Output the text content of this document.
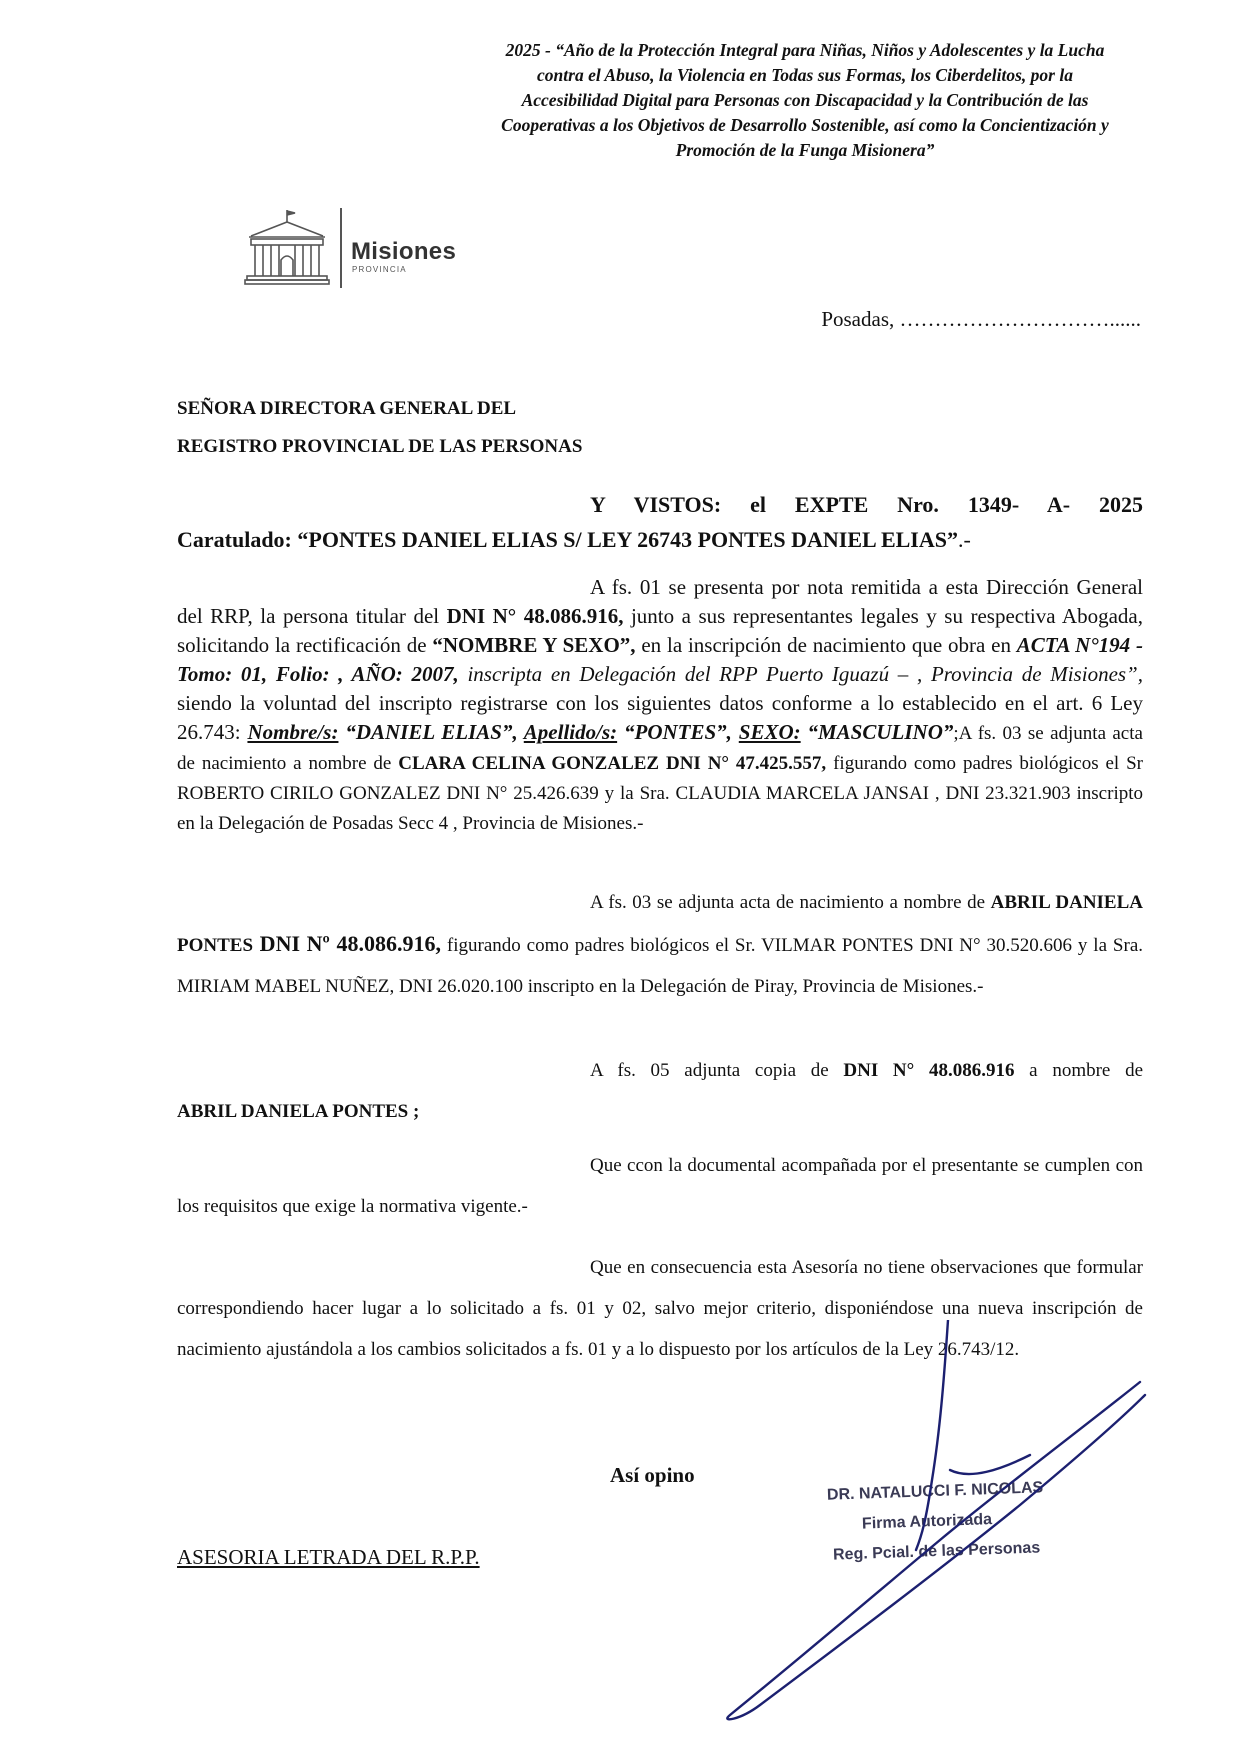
2025 - “Año de la Protección Integral para Niñas, Niños y Adolescentes y la Lucha
contra el Abuso, la Violencia en Todas sus Formas, los Ciberdelitos, por la
Accesibilidad Digital para Personas con Discapacidad y la Contribución de las
Cooperativas a los Objetivos de Desarrollo Sostenible, así como la Concientización y
Promoción de la Funga Misionera”
Misiones
PROVINCIA
Posadas, …………………………......
SEÑORA DIRECTORA GENERAL DEL
REGISTRO PROVINCIAL DE LAS PERSONAS
Y VISTOS: el EXPTE Nro. 1349- A- 2025
Caratulado: “PONTES DANIEL ELIAS S/ LEY 26743 PONTES DANIEL ELIAS”.-
A fs. 01 se presenta por nota remitida a esta Dirección General del RRP, la persona titular del DNI N° 48.086.916, junto a sus representantes legales y su respectiva Abogada, solicitando la rectificación de “NOMBRE Y SEXO”, en la inscripción de nacimiento que obra en ACTA N°194 - Tomo: 01, Folio: , AÑO: 2007, inscripta en Delegación del RPP Puerto Iguazú – , Provincia de Misiones”, siendo la voluntad del inscripto registrarse con los siguientes datos conforme a lo establecido en el art. 6 Ley 26.743: Nombre/s: “DANIEL ELIAS”, Apellido/s: “PONTES”, SEXO: “MASCULINO”;A fs. 03 se adjunta acta de nacimiento a nombre de CLARA CELINA GONZALEZ DNI N° 47.425.557, figurando como padres biológicos el Sr ROBERTO CIRILO GONZALEZ DNI N° 25.426.639 y la Sra. CLAUDIA MARCELA JANSAI , DNI 23.321.903 inscripto en la Delegación de Posadas Secc 4 , Provincia de Misiones.-
A fs. 03 se adjunta acta de nacimiento a nombre de ABRIL DANIELA PONTES DNI Nº 48.086.916, figurando como padres biológicos el Sr. VILMAR PONTES DNI N° 30.520.606 y la Sra. MIRIAM MABEL NUÑEZ, DNI 26.020.100 inscripto en la Delegación de Piray, Provincia de Misiones.-
A fs. 05 adjunta copia de DNI N° 48.086.916 a nombre de
ABRIL DANIELA PONTES ;
Que ccon la documental acompañada por el presentante se cumplen con los requisitos que exige la normativa vigente.-
Que en consecuencia esta Asesoría no tiene observaciones que formular correspondiendo hacer lugar a lo solicitado a fs. 01 y 02, salvo mejor criterio, disponiéndose una nueva inscripción de nacimiento ajustándola a los cambios solicitados a fs. 01 y a lo dispuesto por los artículos de la Ley 26.743/12.
Así opino
ASESORIA LETRADA DEL R.P.P.
DR. NATALUCCI F. NICOLAS
Firma Autorizada
Reg. Pcial. de las Personas
